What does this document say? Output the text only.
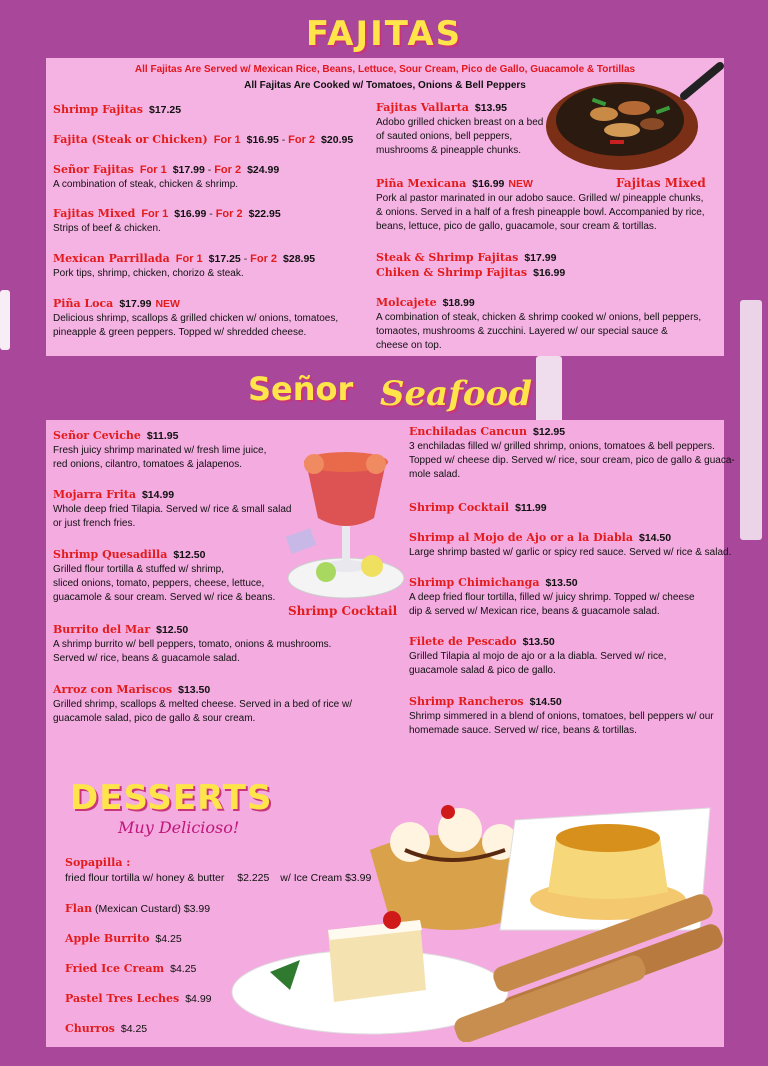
FAJITAS
All Fajitas Are Served w/ Mexican Rice, Beans, Lettuce, Sour Cream, Pico de Gallo, Guacamole & Tortillas
All Fajitas Are Cooked w/ Tomatoes, Onions & Bell Peppers
Shrimp Fajitas $17.25
Fajita (Steak or Chicken) For 1 $16.95 - For 2 $20.95
Señor Fajitas For 1 $17.99 - For 2 $24.99
A combination of steak, chicken & shrimp.
Fajitas Mixed For 1 $16.99 - For 2 $22.95
Strips of beef & chicken.
Mexican Parrillada For 1 $17.25 - For 2 $28.95
Pork tips, shrimp, chicken, chorizo & steak.
Piña Loca $17.99 NEW
Delicious shrimp, scallops & grilled chicken w/ onions, tomatoes,
pineapple & green peppers. Topped w/ shredded cheese.
Fajitas Vallarta $13.95
Adobo grilled chicken breast on a bed
of sauted onions, bell peppers,
mushrooms & pineapple chunks.
Piña Mexicana $16.99 NEW
Pork al pastor marinated in our adobo sauce. Grilled w/ pineapple chunks,
& onions. Served in a half of a fresh pineapple bowl. Accompanied by rice,
beans, lettuce, pico de gallo, guacamole, sour cream & tortillas.
Steak & Shrimp Fajitas $17.99
Chiken & Shrimp Fajitas $16.99
Molcajete $18.99
A combination of steak, chicken & shrimp cooked w/ onions, bell peppers,
tomaotes, mushrooms & zucchini. Layered w/ our special sauce &
cheese on top.
Fajitas Mixed
Señor Seafood
Señor Ceviche $11.95
Fresh juicy shrimp marinated w/ fresh lime juice,
red onions, cilantro, tomatoes & jalapenos.
Mojarra Frita $14.99
Whole deep fried Tilapia. Served w/ rice & small salad
or just french fries.
Shrimp Quesadilla $12.50
Grilled flour tortilla & stuffed w/ shrimp,
sliced onions, tomato, peppers, cheese, lettuce,
guacamole & sour cream. Served w/ rice & beans.
Burrito del Mar $12.50
A shrimp burrito w/ bell peppers, tomato, onions & mushrooms.
Served w/ rice, beans & guacamole salad.
Arroz con Mariscos $13.50
Grilled shrimp, scallops & melted cheese. Served in a bed of rice w/
guacamole salad, pico de gallo & sour cream.
Shrimp Cocktail
Enchiladas Cancun $12.95
3 enchiladas filled w/ grilled shrimp, onions, tomatoes & bell peppers.
Topped w/ cheese dip. Served w/ rice, sour cream, pico de gallo & guaca-
mole salad.
Shrimp Cocktail $11.99
Shrimp al Mojo de Ajo or a la Diabla $14.50
Large shrimp basted w/ garlic or spicy red sauce. Served w/ rice & salad.
Shrimp Chimichanga $13.50
A deep fried flour tortilla, filled w/ juicy shrimp. Topped w/ cheese
dip & served w/ Mexican rice, beans & guacamole salad.
Filete de Pescado $13.50
Grilled Tilapia al mojo de ajo or a la diabla. Served w/ rice,
guacamole salad & pico de gallo.
Shrimp Rancheros $14.50
Shrimp simmered in a blend of onions, tomatoes, bell peppers w/ our
homemade sauce. Served w/ rice, beans & tortillas.
DESSERTS
Muy Delicioso!
Sopapilla :
fried flour tortilla w/ honey & butter $2.225 w/ Ice Cream $3.99
Flan (Mexican Custard) $3.99
Apple Burrito $4.25
Fried Ice Cream $4.25
Pastel Tres Leches $4.99
Churros $4.25
